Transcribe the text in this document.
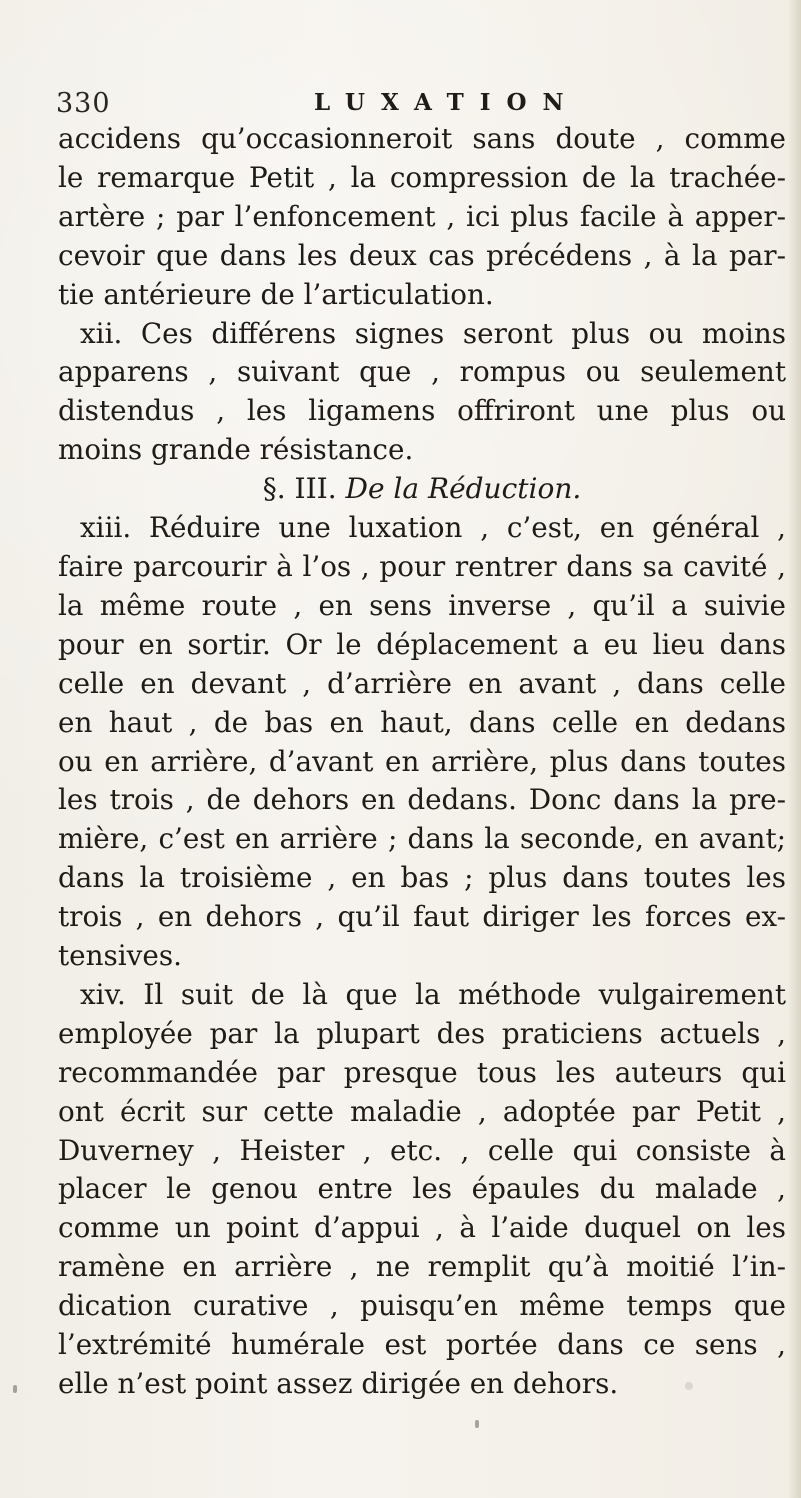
330	LUXATION
accidens qu’occasionneroit sans doute , comme
le remarque Petit , la compression de la trachée-
artère ; par l’enfoncement , ici plus facile à apper-
cevoir que dans les deux cas précédens , à la par-
tie antérieure de l’articulation.
xii. Ces différens signes seront plus ou moins
apparens , suivant que , rompus ou seulement
distendus , les ligamens offriront une plus ou
moins grande résistance.
§. III. De la Réduction.
xiii. Réduire une luxation , c’est, en général ,
faire parcourir à l’os , pour rentrer dans sa cavité ,
la même route , en sens inverse , qu’il a suivie
pour en sortir. Or le déplacement a eu lieu dans
celle en devant , d’arrière en avant , dans celle
en haut , de bas en haut, dans celle en dedans
ou en arrière, d’avant en arrière, plus dans toutes
les trois , de dehors en dedans. Donc dans la pre-
mière, c’est en arrière ; dans la seconde, en avant;
dans la troisième , en bas ; plus dans toutes les
trois , en dehors , qu’il faut diriger les forces ex-
tensives.
xiv. Il suit de là que la méthode vulgairement
employée par la plupart des praticiens actuels ,
recommandée par presque tous les auteurs qui
ont écrit sur cette maladie , adoptée par Petit ,
Duverney , Heister , etc. , celle qui consiste à
placer le genou entre les épaules du malade ,
comme un point d’appui , à l’aide duquel on les
ramène en arrière , ne remplit qu’à moitié l’in-
dication curative , puisqu’en même temps que
l’extrémité humérale est portée dans ce sens ,
elle n’est point assez dirigée en dehors.
